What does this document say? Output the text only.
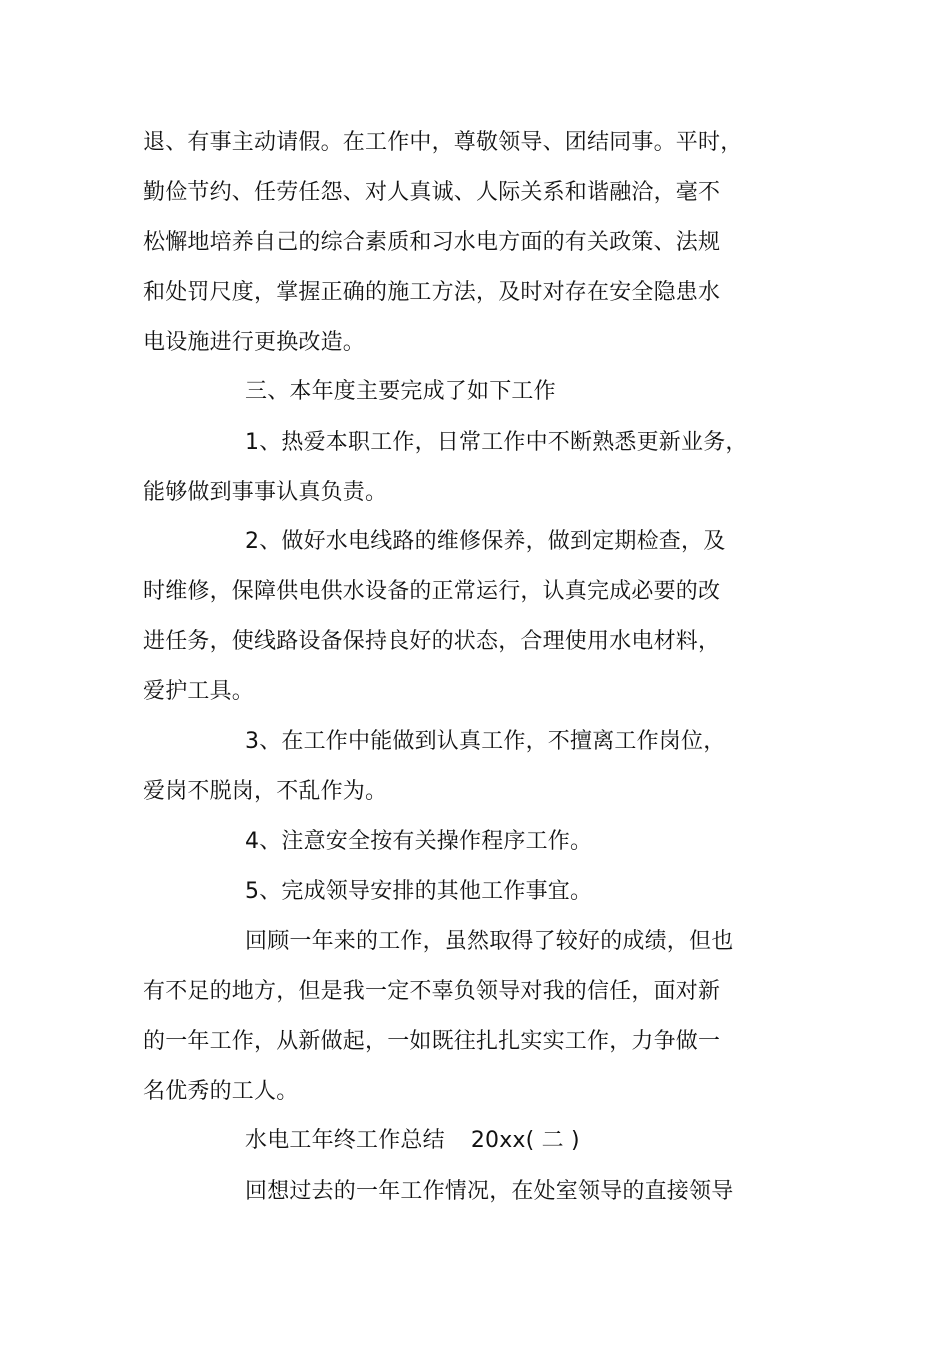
退、有事主动请假。在工作中，尊敬领导、团结同事。平时，
勤俭节约、任劳任怨、对人真诚、人际关系和谐融洽，毫不
松懈地培养自己的综合素质和习水电方面的有关政策、法规
和处罚尺度，掌握正确的施工方法，及时对存在安全隐患水
电设施进行更换改造。
三、本年度主要完成了如下工作
1、热爱本职工作，日常工作中不断熟悉更新业务，
能够做到事事认真负责。
2、做好水电线路的维修保养，做到定期检查，及
时维修，保障供电供水设备的正常运行，认真完成必要的改
进任务，使线路设备保持良好的状态，合理使用水电材料，
爱护工具。
3、在工作中能做到认真工作，不擅离工作岗位，
爱岗不脱岗，不乱作为。
4、注意安全按有关操作程序工作。
5、完成领导安排的其他工作事宜。
回顾一年来的工作，虽然取得了较好的成绩，但也
有不足的地方，但是我一定不辜负领导对我的信任，面对新
的一年工作，从新做起，一如既往扎扎实实工作，力争做一
名优秀的工人。
水电工年终工作总结 20xx( 二 )
回想过去的一年工作情况，在处室领导的直接领导
